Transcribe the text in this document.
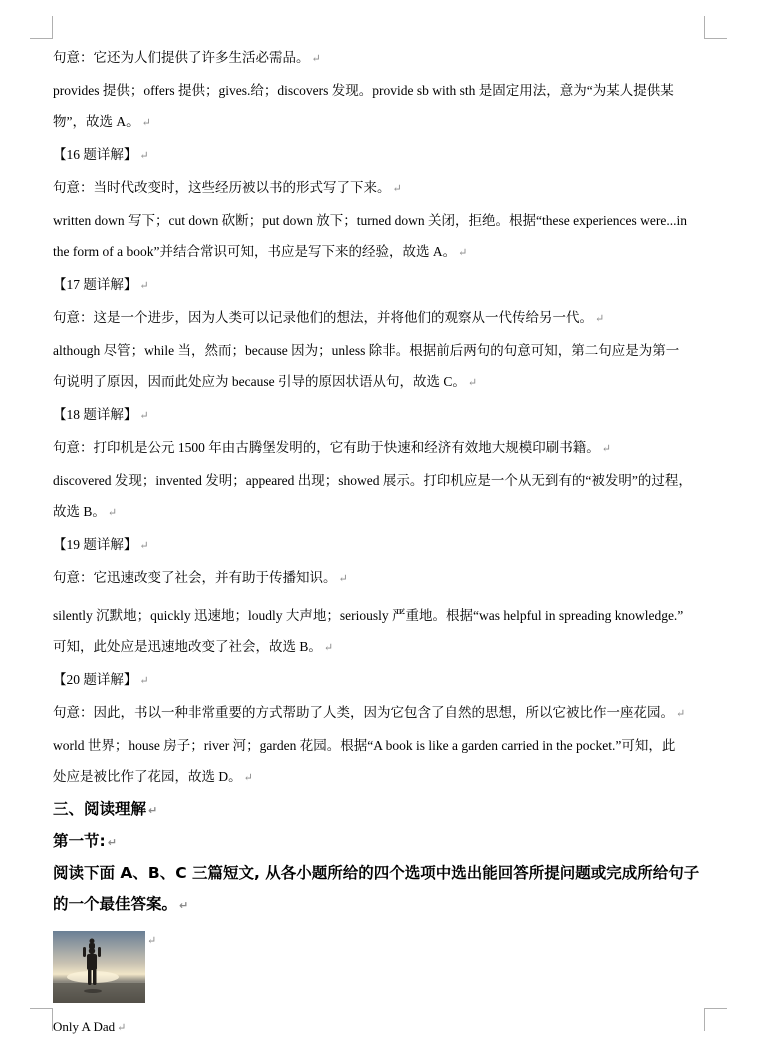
句意：它还为人们提供了许多生活必需品。 ↵

provides 提供；offers 提供；gives.给；discovers 发现。provide sb with sth 是固定用法，意为“为某人提供某

物”，故选 A。 ↵

【16 题详解】 ↵

句意：当时代改变时，这些经历被以书的形式写了下来。 ↵

written down 写下；cut down 砍断；put down 放下；turned down 关闭，拒绝。根据“these experiences were...in

the form of a book”并结合常识可知，书应是写下来的经验，故选 A。 ↵

【17 题详解】 ↵

句意：这是一个进步，因为人类可以记录他们的想法，并将他们的观察从一代传给另一代。 ↵

although 尽管；while 当，然而；because 因为；unless 除非。根据前后两句的句意可知，第二句应是为第一

句说明了原因，因而此处应为 because 引导的原因状语从句，故选 C。 ↵

【18 题详解】 ↵

句意：打印机是公元 1500 年由古腾堡发明的，它有助于快速和经济有效地大规模印刷书籍。 ↵

discovered 发现；invented 发明；appeared 出现；showed 展示。打印机应是一个从无到有的“被发明”的过程，

故选 B。 ↵

【19 题详解】 ↵

句意：它迅速改变了社会，并有助于传播知识。 ↵

silently 沉默地；quickly 迅速地；loudly 大声地；seriously 严重地。根据“was helpful in spreading knowledge.”

可知，此处应是迅速地改变了社会，故选 B。 ↵

【20 题详解】 ↵

句意：因此，书以一种非常重要的方式帮助了人类，因为它包含了自然的思想，所以它被比作一座花园。 ↵

world 世界；house 房子；river 河；garden 花园。根据“A book is like a garden carried in the pocket.”可知，此

处应是被比作了花园，故选 D。 ↵

三、阅读理解 ↵

第一节: ↵

阅读下面 A、B、C 三篇短文, 从各小题所给的四个选项中选出能回答所提问题或完成所给句子的一个最佳答案。 ↵

↵

Only A Dad ↵
